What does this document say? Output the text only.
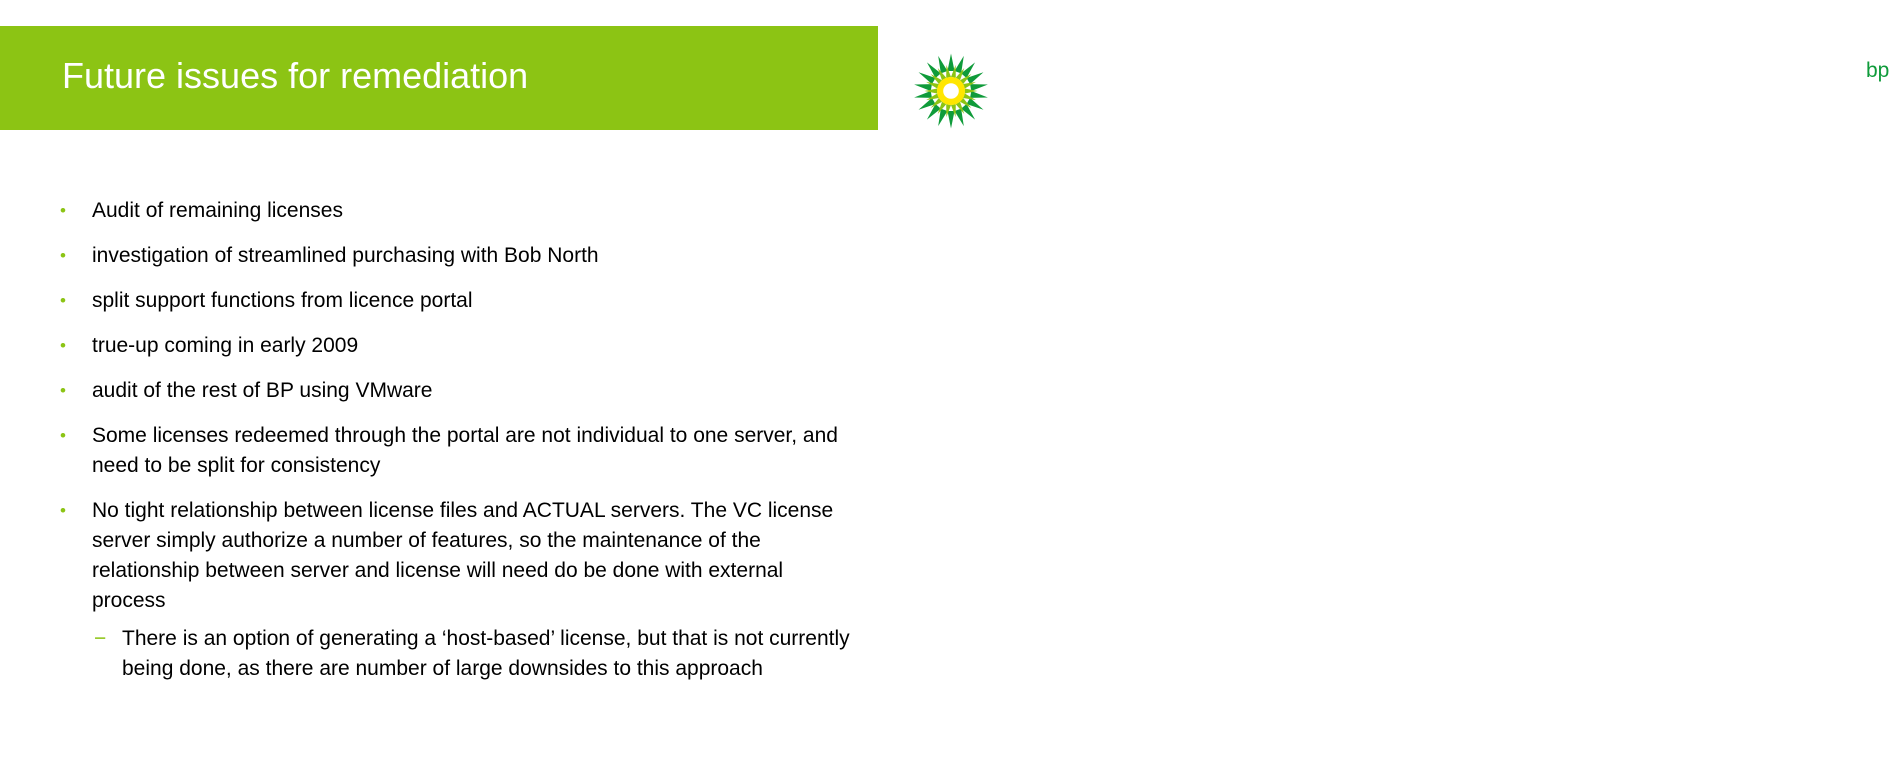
Future issues for remediation	bp
• Audit of remaining licenses
• investigation of streamlined purchasing with Bob North
• split support functions from licence portal
• true-up coming in early 2009
• audit of the rest of BP using VMware
• Some licenses redeemed through the portal are not individual to one server, and need to be split for consistency
• No tight relationship between license files and ACTUAL servers. The VC license server simply authorize a number of features, so the maintenance of the relationship between server and license will need do be done with external process
− There is an option of generating a ‘host-based’ license, but that is not currently being done, as there are number of large downsides to this approach
